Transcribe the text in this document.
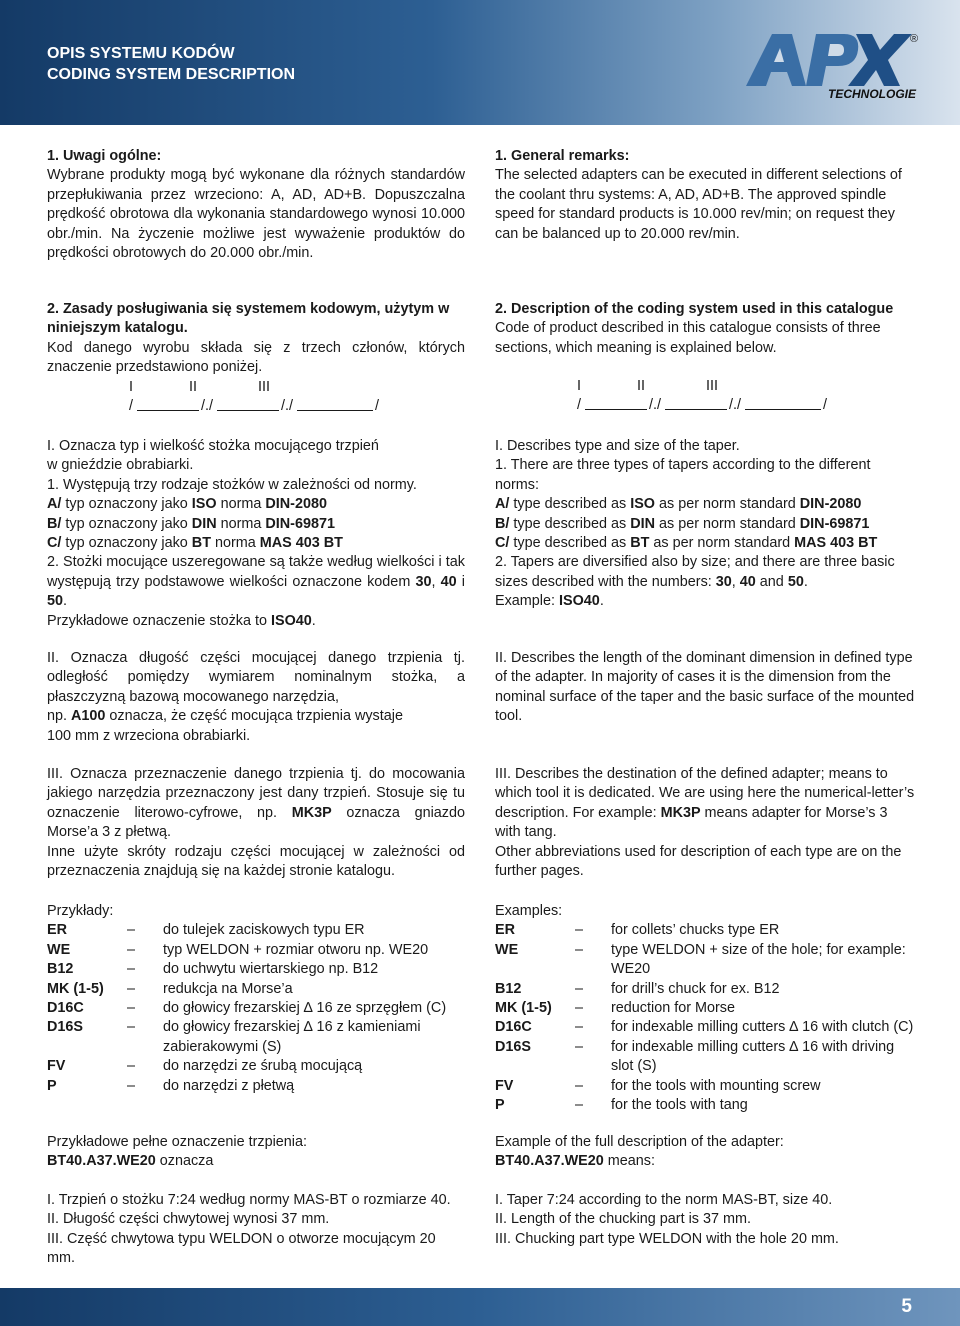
OPIS SYSTEMU KODÓW
CODING SYSTEM DESCRIPTION
TECHNOLOGIE
®

1. Uwagi ogólne:

Wybrane produkty mogą być wykonane dla różnych standardów przepłukiwania przez wrzeciono: A, AD, AD+B. Dopuszczalna prędkość obrotowa dla wykonania standardowego wynosi 10.000 obr./min. Na życzenie możliwe jest wyważenie produktów do prędkości obrotowych do 20.000 obr./min.

2. Zasady posługiwania się systemem kodowym, użytym w niniejszym katalogu.

Kod danego wyrobu składa się z trzech członów, których znaczenie przedstawiono poniżej.

I	II	III
/	/./	/./	/

I. Oznacza typ i wielkość stożka mocującego trzpień

w gnieździe obrabiarki.

1. Występują trzy rodzaje stożków w zależności od normy.

A/ typ oznaczony jako ISO norma DIN-2080

B/ typ oznaczony jako DIN norma DIN-69871

C/ typ oznaczony jako BT norma MAS 403 BT

2. Stożki mocujące uszeregowane są także według wielkości i tak występują trzy podstawowe wielkości oznaczone kodem 30, 40 i 50.

Przykładowe oznaczenie stożka to ISO40.

II. Oznacza długość części mocującej danego trzpienia tj. odległość pomiędzy wymiarem nominalnym stożka, a płaszczyzną bazową mocowanego narzędzia,

np. A100 oznacza, że część mocująca trzpienia wystaje

100 mm z wrzeciona obrabiarki.

III. Oznacza przeznaczenie danego trzpienia tj. do mocowania jakiego narzędzia przeznaczony jest dany trzpień. Stosuje się tu oznaczenie literowo-cyfrowe, np. MK3P oznacza gniazdo Morse’a 3 z płetwą.

Inne użyte skróty rodzaju części mocującej w zależności od przeznaczenia znajdują się na każdej stronie katalogu.

Przykłady:

ER	–	do tulejek zaciskowych typu ER
WE	–	typ WELDON + rozmiar otworu np. WE20
B12	–	do uchwytu wiertarskiego np. B12
MK (1-5)	–	redukcja na Morse’a
D16C	–	do głowicy frezarskiej ∆ 16 ze sprzęgłem (C)
D16S	–	do głowicy frezarskiej ∆ 16 z kamieniami zabierakowymi (S)
FV	–	do narzędzi ze śrubą mocującą
P	–	do narzędzi z płetwą

Przykładowe pełne oznaczenie trzpienia:

BT40.A37.WE20 oznacza

I. Trzpień o stożku 7:24 według normy MAS-BT o rozmiarze 40.

II. Długość części chwytowej wynosi 37 mm.

III. Część chwytowa typu WELDON o otworze mocującym 20 mm.

1. General remarks:

The selected adapters can be executed in different selections of the coolant thru systems: A, AD, AD+B. The approved spindle speed for standard products is 10.000 rev/min; on request they can be balanced up to 20.000 rev/min.

2. Description of the coding system used in this catalogue

Code of product described in this catalogue consists of three sections, which meaning is explained below.

I	II	III
/	/./	/./	/

I. Describes type and size of the taper.

1. There are three types of tapers according to the different norms:

A/ type described as ISO as per norm standard DIN-2080

B/ type described as DIN as per norm standard DIN-69871

C/ type described as BT as per norm standard MAS 403 BT

2. Tapers are diversified also by size; and there are three basic sizes described with the numbers: 30, 40 and 50.

Example: ISO40.

II. Describes the length of the dominant dimension in defined type of the adapter. In majority of cases it is the dimension from the nominal surface of the taper and the basic surface of the mounted tool.

III. Describes the destination of the defined adapter; means to which tool it is dedicated. We are using here the numerical-letter’s description. For example: MK3P means adapter for Morse’s 3 with tang.

Other abbreviations used for description of each type are on the further pages.

Examples:

ER	–	for collets’ chucks type ER
WE	–	type WELDON + size of the hole; for example: WE20
B12	–	for drill’s chuck for ex. B12
MK (1-5)	–	reduction for Morse
D16C	–	for indexable milling cutters ∆ 16 with clutch (C)
D16S	–	for indexable milling cutters ∆ 16 with driving slot (S)
FV	–	for the tools with mounting screw
P	–	for the tools with tang

Example of the full description of the adapter:

BT40.A37.WE20 means:

I. Taper 7:24 according to the norm MAS-BT, size 40.

II. Length of the chucking part is 37 mm.

III. Chucking part type WELDON with the hole 20 mm.

5
